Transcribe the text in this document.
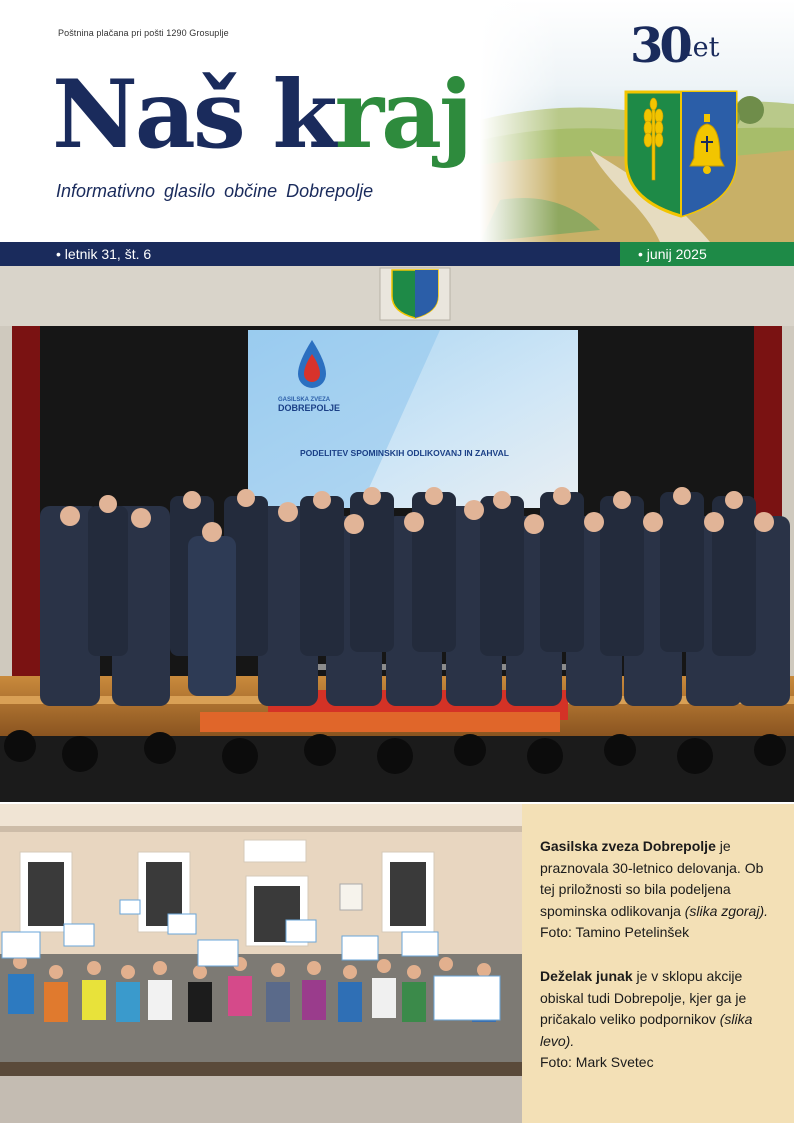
Poštnina plačana pri pošti 1290 Grosuplje
Naš kraj
Informativno glasilo občine Dobrepolje
30
let
• letnik 31, št. 6	• junij 2025
GASILSKA ZVEZA
DOBREPOLJE
PODELITEV SPOMINSKIH ODLIKOVANJ IN ZAHVAL

Gasilska zveza Dobrepolje je praznovala 30-letnico delovanja. Ob tej priložnosti so bila podeljena spominska odlikovanja (slika zgoraj).

Foto: Tamino Petelinšek

Deželak junak je v sklopu akcije obiskal tudi Dobrepolje, kjer ga je pričakalo veliko podpornikov (slika levo).

Foto: Mark Svetec
